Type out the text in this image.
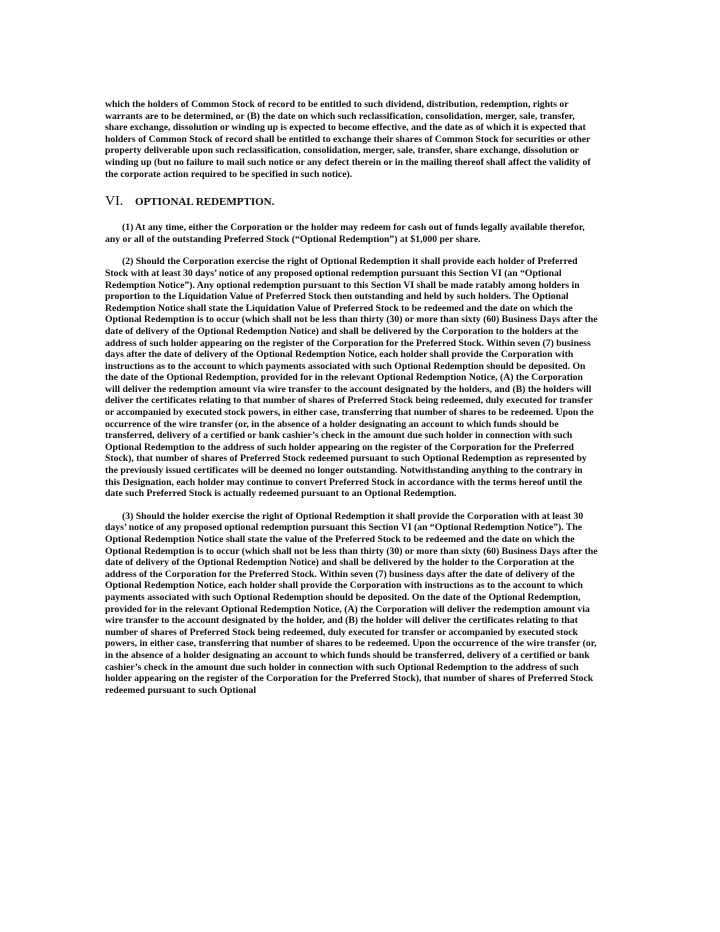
which the holders of Common Stock of record to be entitled to such dividend, distribution, redemption, rights or warrants are to be determined, or (B) the date on which such reclassification, consolidation, merger, sale, transfer, share exchange, dissolution or winding up is expected to become effective, and the date as of which it is expected that holders of Common Stock of record shall be entitled to exchange their shares of Common Stock for securities or other property deliverable upon such reclassification, consolidation, merger, sale, transfer, share exchange, dissolution or winding up (but no failure to mail such notice or any defect therein or in the mailing thereof shall affect the validity of the corporate action required to be specified in such notice).

VI. OPTIONAL REDEMPTION.

(1) At any time, either the Corporation or the holder may redeem for cash out of funds legally available therefor, any or all of the outstanding Preferred Stock (“Optional Redemption”) at $1,000 per share.

(2) Should the Corporation exercise the right of Optional Redemption it shall provide each holder of Preferred Stock with at least 30 days’ notice of any proposed optional redemption pursuant this Section VI (an “Optional Redemption Notice”). Any optional redemption pursuant to this Section VI shall be made ratably among holders in proportion to the Liquidation Value of Preferred Stock then outstanding and held by such holders. The Optional Redemption Notice shall state the Liquidation Value of Preferred Stock to be redeemed and the date on which the Optional Redemption is to occur (which shall not be less than thirty (30) or more than sixty (60) Business Days after the date of delivery of the Optional Redemption Notice) and shall be delivered by the Corporation to the holders at the address of such holder appearing on the register of the Corporation for the Preferred Stock. Within seven (7) business days after the date of delivery of the Optional Redemption Notice, each holder shall provide the Corporation with instructions as to the account to which payments associated with such Optional Redemption should be deposited. On the date of the Optional Redemption, provided for in the relevant Optional Redemption Notice, (A) the Corporation will deliver the redemption amount via wire transfer to the account designated by the holders, and (B) the holders will deliver the certificates relating to that number of shares of Preferred Stock being redeemed, duly executed for transfer or accompanied by executed stock powers, in either case, transferring that number of shares to be redeemed. Upon the occurrence of the wire transfer (or, in the absence of a holder designating an account to which funds should be transferred, delivery of a certified or bank cashier’s check in the amount due such holder in connection with such Optional Redemption to the address of such holder appearing on the register of the Corporation for the Preferred Stock), that number of shares of Preferred Stock redeemed pursuant to such Optional Redemption as represented by the previously issued certificates will be deemed no longer outstanding. Notwithstanding anything to the contrary in this Designation, each holder may continue to convert Preferred Stock in accordance with the terms hereof until the date such Preferred Stock is actually redeemed pursuant to an Optional Redemption.

(3) Should the holder exercise the right of Optional Redemption it shall provide the Corporation with at least 30 days’ notice of any proposed optional redemption pursuant this Section VI (an “Optional Redemption Notice”). The Optional Redemption Notice shall state the value of the Preferred Stock to be redeemed and the date on which the Optional Redemption is to occur (which shall not be less than thirty (30) or more than sixty (60) Business Days after the date of delivery of the Optional Redemption Notice) and shall be delivered by the holder to the Corporation at the address of the Corporation for the Preferred Stock. Within seven (7) business days after the date of delivery of the Optional Redemption Notice, each holder shall provide the Corporation with instructions as to the account to which payments associated with such Optional Redemption should be deposited. On the date of the Optional Redemption, provided for in the relevant Optional Redemption Notice, (A) the Corporation will deliver the redemption amount via wire transfer to the account designated by the holder, and (B) the holder will deliver the certificates relating to that number of shares of Preferred Stock being redeemed, duly executed for transfer or accompanied by executed stock powers, in either case, transferring that number of shares to be redeemed. Upon the occurrence of the wire transfer (or, in the absence of a holder designating an account to which funds should be transferred, delivery of a certified or bank cashier’s check in the amount due such holder in connection with such Optional Redemption to the address of such holder appearing on the register of the Corporation for the Preferred Stock), that number of shares of Preferred Stock redeemed pursuant to such Optional
